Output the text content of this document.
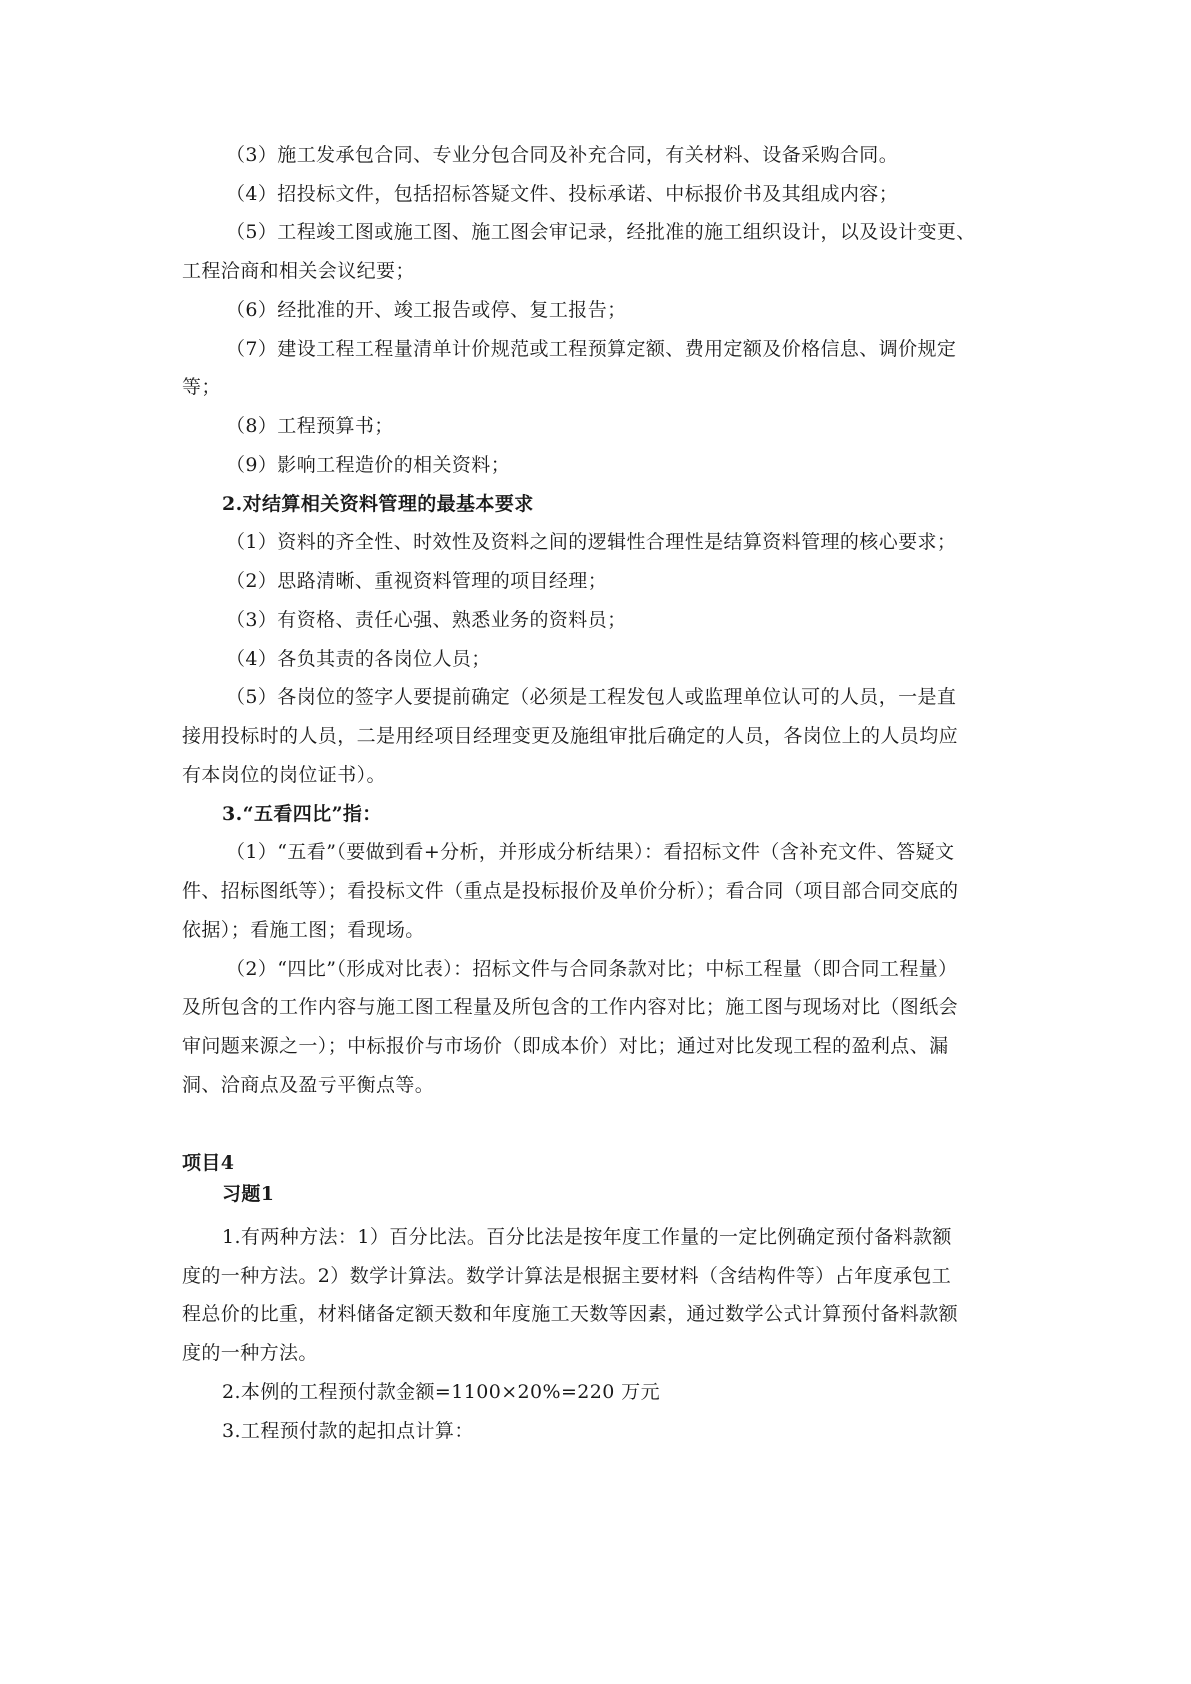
（3）施工发承包合同、专业分包合同及补充合同，有关材料、设备采购合同。
（4）招投标文件，包括招标答疑文件、投标承诺、中标报价书及其组成内容；
（5）工程竣工图或施工图、施工图会审记录，经批准的施工组织设计，以及设计变更、
工程洽商和相关会议纪要；
（6）经批准的开、竣工报告或停、复工报告；
（7）建设工程工程量清单计价规范或工程预算定额、费用定额及价格信息、调价规定
等；
（8）工程预算书；
（9）影响工程造价的相关资料；
2.对结算相关资料管理的最基本要求
（1）资料的齐全性、时效性及资料之间的逻辑性合理性是结算资料管理的核心要求；
（2）思路清晰、重视资料管理的项目经理；
（3）有资格、责任心强、熟悉业务的资料员；
（4）各负其责的各岗位人员；
（5）各岗位的签字人要提前确定（必须是工程发包人或监理单位认可的人员，一是直
接用投标时的人员，二是用经项目经理变更及施组审批后确定的人员，各岗位上的人员均应
有本岗位的岗位证书）。
3.“五看四比”指：
（1）“五看”（要做到看+分析，并形成分析结果）：看招标文件（含补充文件、答疑文
件、招标图纸等）；看投标文件（重点是投标报价及单价分析）；看合同（项目部合同交底的
依据）；看施工图；看现场。
（2）“四比”（形成对比表）：招标文件与合同条款对比；中标工程量（即合同工程量）
及所包含的工作内容与施工图工程量及所包含的工作内容对比；施工图与现场对比（图纸会
审问题来源之一）；中标报价与市场价（即成本价）对比；通过对比发现工程的盈利点、漏
洞、洽商点及盈亏平衡点等。
项目4
习题1
1.有两种方法：1）百分比法。百分比法是按年度工作量的一定比例确定预付备料款额
度的一种方法。2）数学计算法。数学计算法是根据主要材料（含结构件等）占年度承包工
程总价的比重，材料储备定额天数和年度施工天数等因素，通过数学公式计算预付备料款额
度的一种方法。
2.本例的工程预付款金额=1100×20%=220 万元
3.工程预付款的起扣点计算：
